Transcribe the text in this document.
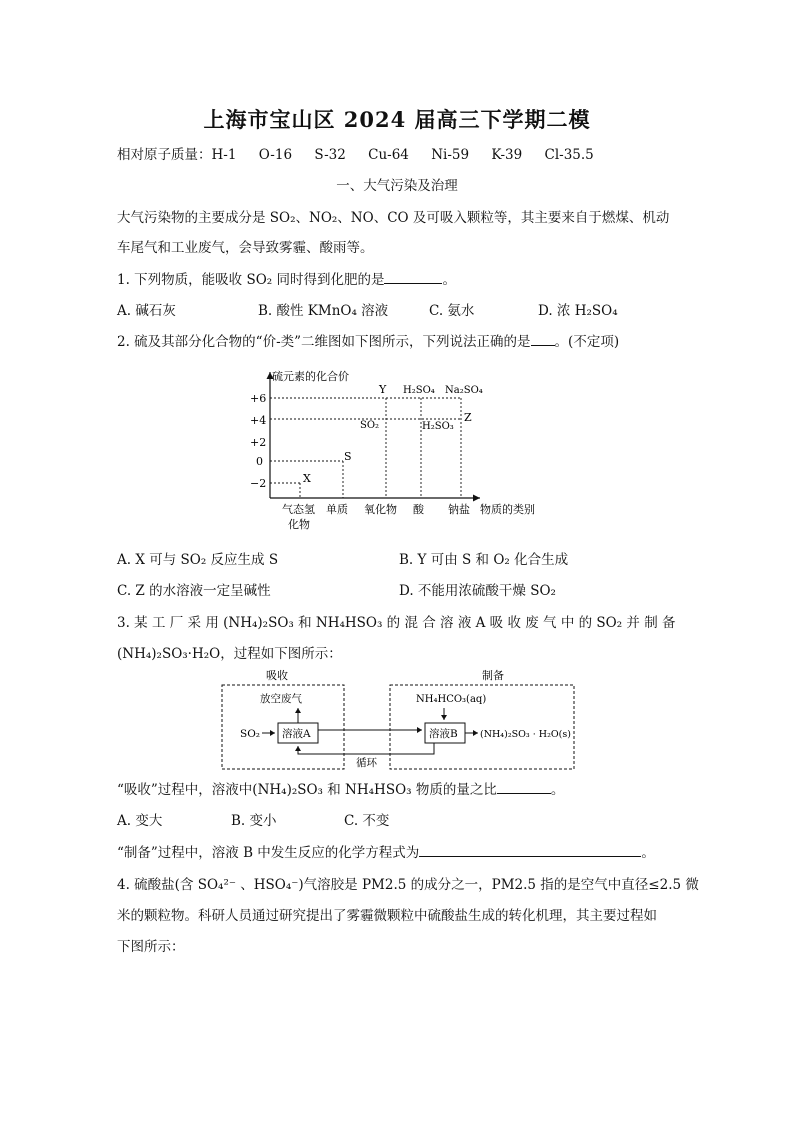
上海市宝山区 2024 届高三下学期二模
相对原子质量：H-1 O-16 S-32 Cu-64 Ni-59 K-39 Cl-35.5
一、大气污染及治理
大气污染物的主要成分是 SO₂、NO₂、NO、CO 及可吸入颗粒等，其主要来自于燃煤、机动
车尾气和工业废气，会导致雾霾、酸雨等。
1. 下列物质，能吸收 SO₂ 同时得到化肥的是	。
A. 碱石灰	B. 酸性 KMnO₄ 溶液	C. 氨水	D. 浓 H₂SO₄
2. 硫及其部分化合物的“价-类”二维图如下图所示，下列说法正确的是 。(不定项)
硫元素的化合价
+6
+4
+2
0
−2	X
S
SO₂
Y H₂SO₄
H₂SO₃
Na₂SO₄
Z
气态氢
化物
单质 氧化物 酸 钠盐 物质的类别
A. X 可与 SO₂ 反应生成 S	B. Y 可由 S 和 O₂ 化合生成
C. Z 的水溶液一定呈碱性	D. 不能用浓硫酸干燥 SO₂
3. 某 工 厂 采 用 (NH₄)₂SO₃ 和 NH₄HSO₃ 的 混 合 溶 液 A 吸 收 废 气 中 的 SO₂ 并 制 备
(NH₄)₂SO₃·H₂O，过程如下图所示：
吸收	制备
放空废气
SO₂ 溶液A
循环
NH₄HCO₃(aq)
溶液B (NH₄)₂SO₃ · H₂O(s)
“吸收”过程中，溶液中(NH₄)₂SO₃ 和 NH₄HSO₃ 物质的量之比	。
A. 变大	B. 变小	C. 不变
“制备”过程中，溶液 B 中发生反应的化学方程式为	。
4. 硫酸盐(含 SO₄²⁻ 、HSO₄⁻)气溶胶是 PM2.5 的成分之一，PM2.5 指的是空气中直径≤2.5 微
米的颗粒物。科研人员通过研究提出了雾霾微颗粒中硫酸盐生成的转化机理，其主要过程如
下图所示：
